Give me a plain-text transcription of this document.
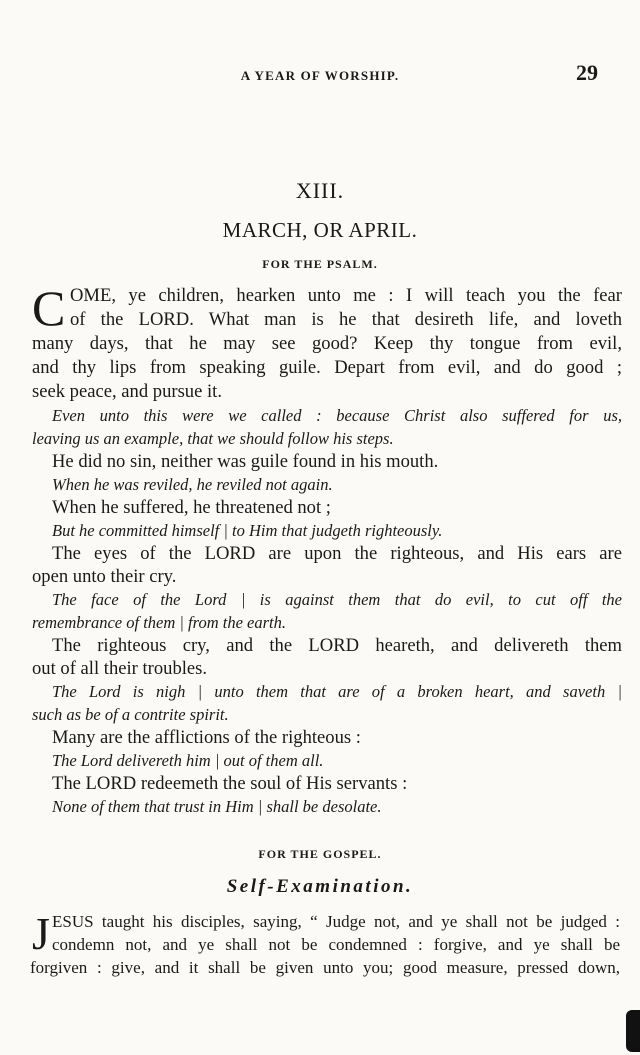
A YEAR OF WORSHIP.	29
XIII.
MARCH, OR APRIL.
FOR THE PSALM.
C OME, ye children, hearken unto me : I will teach you the fear
of the LORD. What man is he that desireth life, and loveth
many days, that he may see good? Keep thy tongue from evil,
and thy lips from speaking guile. Depart from evil, and do good ;
seek peace, and pursue it.
Even unto this were we called : because Christ also suffered for us,
leaving us an example, that we should follow his steps.
He did no sin, neither was guile found in his mouth.
When he was reviled, he reviled not again.
When he suffered, he threatened not ;
But he committed himself | to Him that judgeth righteously.
The eyes of the LORD are upon the righteous, and His ears are
open unto their cry.
The face of the Lord | is against them that do evil, to cut off the
remembrance of them | from the earth.
The righteous cry, and the LORD heareth, and delivereth them
out of all their troubles.
The Lord is nigh | unto them that are of a broken heart, and saveth |
such as be of a contrite spirit.
Many are the afflictions of the righteous :
The Lord delivereth him | out of them all.
The LORD redeemeth the soul of His servants :
None of them that trust in Him | shall be desolate.
FOR THE GOSPEL.
Self-Examination.
J ESUS taught his disciples, saying, “ Judge not, and ye shall not be judged :
condemn not, and ye shall not be condemned : forgive, and ye shall be
forgiven : give, and it shall be given unto you; good measure, pressed down,
